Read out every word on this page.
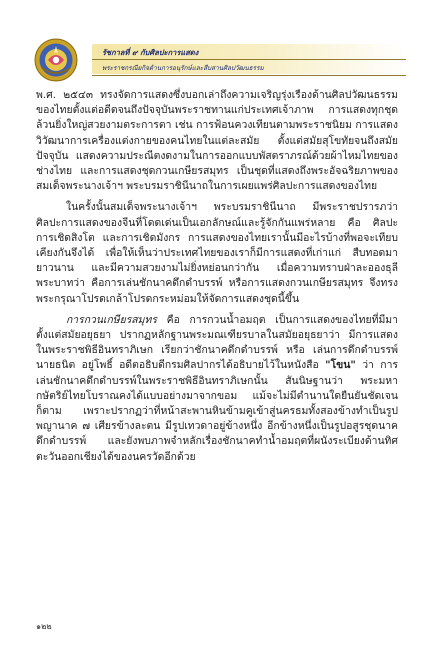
รัชกาลที่ ๙ กับศิลปะการแสดง
พระราชกรณียกิจด้านการอนุรักษ์และสืบสานศิลปวัฒนธรรม

พ.ศ. ๒๕๔๓ ทรงจัดการแสดงซึ่งบอกเล่าถึงความเจริญรุ่งเรืองด้านศิลปวัฒนธรรมของไทยตั้งแต่อดีตจนถึงปัจจุบันพระราชทานแก่ประเทศเจ้าภาพ การแสดงทุกชุดล้วนยิ่งใหญ่สวยงามตระการตา เช่น การฟ้อนควงเทียนตามพระราชนิยม การแสดงวิวัฒนาการเครื่องแต่งกายของคนไทยในแต่ละสมัย ตั้งแต่สมัยสุโขทัยจนถึงสมัยปัจจุบัน แสดงความประณีตงดงามในการออกแบบพัสตราภรณ์ด้วยผ้าไหมไทยของช่างไทย และการแสดงชุดกวนเกษียรสมุทร เป็นชุดที่แสดงถึงพระอัจฉริยภาพของสมเด็จพระนางเจ้าฯ พระบรมราชินีนาถในการเผยแพร่ศิลปะการแสดงของไทย

ในครั้งนั้นสมเด็จพระนางเจ้าฯ พระบรมราชินีนาถ มีพระราชปรารภว่า ศิลปะการแสดงของจีนที่โดดเด่นเป็นเอกลักษณ์และรู้จักกันแพร่หลาย คือ ศิลปะการเชิดสิงโต และการเชิดมังกร การแสดงของไทยเรานั้นมีอะไรบ้างที่พอจะเทียบเคียงกันจึงได้ เพื่อให้เห็นว่าประเทศไทยของเราก็มีการแสดงที่เก่าแก่ สืบทอดมายาวนาน และมีความสวยงามไม่ยิ่งหย่อนกว่ากัน เมื่อความทราบฝ่าละอองธุลีพระบาทว่า คือการเล่นชักนาคดึกดำบรรพ์ หรือการแสดงกวนเกษียรสมุทร จึงทรงพระกรุณาโปรดเกล้าโปรดกระหม่อมให้จัดการแสดงชุดนี้ขึ้น

การกวนเกษียรสมุทร คือ การกวนน้ำอมฤต เป็นการแสดงของไทยที่มีมาตั้งแต่สมัยอยุธยา ปรากฏหลักฐานพระมณเฑียรบาลในสมัยอยุธยาว่า มีการแสดงในพระราชพิธีอินทราภิเษก เรียกว่าชักนาคดึกดำบรรพ์ หรือ เล่นการดึกดำบรรพ์ นายธนิต อยู่โพธิ์ อดีตอธิบดีกรมศิลปากรได้อธิบายไว้ในหนังสือ "โขน" ว่า การเล่นชักนาคดึกดำบรรพ์ในพระราชพิธีอินทราภิเษกนั้น สันนิษฐานว่า พระมหากษัตริย์ไทยโบราณคงได้แบบอย่างมาจากขอม แม้จะไม่มีตำนานใดยืนยันชัดเจนก็ตาม เพราะปรากฏว่าที่หน้าสะพานหินข้ามคูเข้าสู่นครธมทั้งสองข้างทำเป็นรูปพญานาค ๗ เศียรข้างละตน มีรูปเทวดาอยู่ข้างหนึ่ง อีกข้างหนึ่งเป็นรูปอสูรชุดนาคดึกดำบรรพ์ และยังพบภาพจำหลักเรื่องชักนาคทำน้ำอมฤตที่ผนังระเบียงด้านทิศตะวันออกเชียงได้ของนครวัดอีกด้วย

๑๒๒
